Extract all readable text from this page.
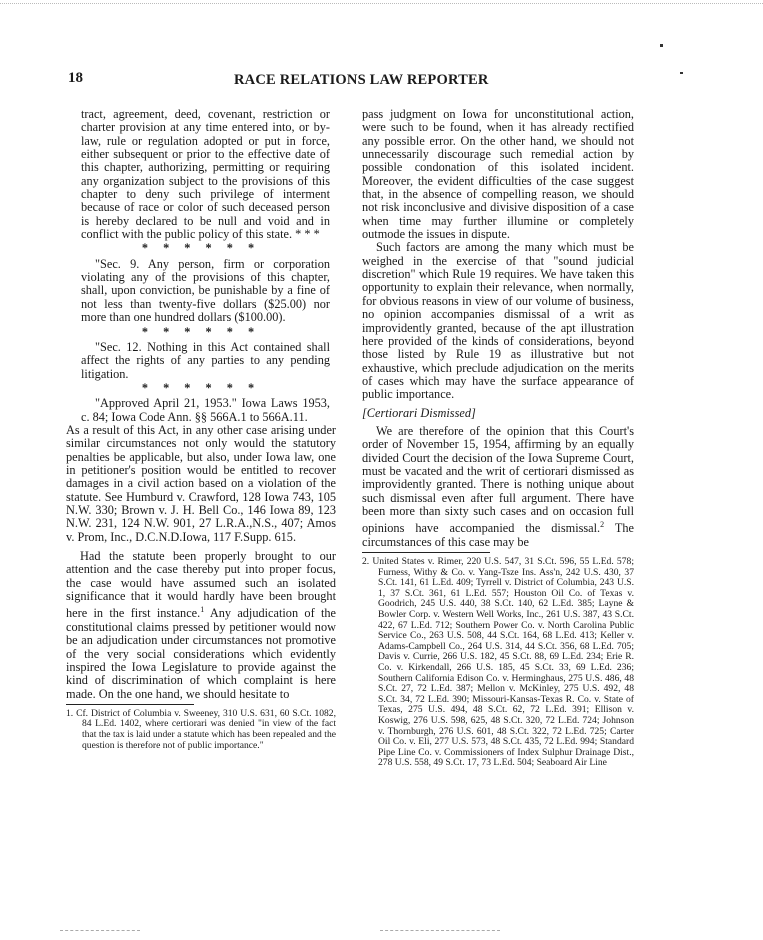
18	RACE RELATIONS LAW REPORTER

tract, agreement, deed, covenant, restriction or charter provision at any time entered into, or by-law, rule or regulation adopted or put in force, either subsequent or prior to the effective date of this chapter, authorizing, permitting or requiring any organization subject to the provisions of this chapter to deny such privilege of interment because of race or color of such deceased person is hereby declared to be null and void and in conflict with the public policy of this state. * * *

* * * * * *

"Sec. 9. Any person, firm or corporation violating any of the provisions of this chapter, shall, upon conviction, be punishable by a fine of not less than twenty-five dollars ($25.00) nor more than one hundred dollars ($100.00).

* * * * * *

"Sec. 12. Nothing in this Act contained shall affect the rights of any parties to any pending litigation.

* * * * * *

"Approved April 21, 1953." Iowa Laws 1953, c. 84; Iowa Code Ann. §§ 566A.1 to 566A.11.

As a result of this Act, in any other case arising under similar circumstances not only would the statutory penalties be applicable, but also, under Iowa law, one in petitioner's position would be entitled to recover damages in a civil action based on a violation of the statute. See Humburd v. Crawford, 128 Iowa 743, 105 N.W. 330; Brown v. J. H. Bell Co., 146 Iowa 89, 123 N.W. 231, 124 N.W. 901, 27 L.R.A.,N.S., 407; Amos v. Prom, Inc., D.C.N.D.Iowa, 117 F.Supp. 615.

Had the statute been properly brought to our attention and the case thereby put into proper focus, the case would have assumed such an isolated significance that it would hardly have been brought here in the first instance.$^1$ Any adjudication of the constitutional claims pressed by petitioner would now be an adjudication under circumstances not promotive of the very social considerations which evidently inspired the Iowa Legislature to provide against the kind of discrimination of which complaint is here made. On the one hand, we should hesitate to

1. Cf. District of Columbia v. Sweeney, 310 U.S. 631, 60 S.Ct. 1082, 84 L.Ed. 1402, where certiorari was denied "in view of the fact that the tax is laid under a statute which has been repealed and the question is therefore not of public importance."

pass judgment on Iowa for unconstitutional action, were such to be found, when it has already rectified any possible error. On the other hand, we should not unnecessarily discourage such remedial action by possible condonation of this isolated incident. Moreover, the evident difficulties of the case suggest that, in the absence of compelling reason, we should not risk inconclusive and divisive disposition of a case when time may further illumine or completely outmode the issues in dispute.

Such factors are among the many which must be weighed in the exercise of that "sound judicial discretion" which Rule 19 requires. We have taken this opportunity to explain their relevance, when normally, for obvious reasons in view of our volume of business, no opinion accompanies dismissal of a writ as improvidently granted, because of the apt illustration here provided of the kinds of considerations, beyond those listed by Rule 19 as illustrative but not exhaustive, which preclude adjudication on the merits of cases which may have the surface appearance of public importance.

[Certiorari Dismissed]

We are therefore of the opinion that this Court's order of November 15, 1954, affirming by an equally divided Court the decision of the Iowa Supreme Court, must be vacated and the writ of certiorari dismissed as improvidently granted. There is nothing unique about such dismissal even after full argument. There have been more than sixty such cases and on occasion full opinions have accompanied the dismissal.$^2$ The circumstances of this case may be

2. United States v. Rimer, 220 U.S. 547, 31 S.Ct. 596, 55 L.Ed. 578; Furness, Withy & Co. v. Yang-Tsze Ins. Ass'n, 242 U.S. 430, 37 S.Ct. 141, 61 L.Ed. 409; Tyrrell v. District of Columbia, 243 U.S. 1, 37 S.Ct. 361, 61 L.Ed. 557; Houston Oil Co. of Texas v. Goodrich, 245 U.S. 440, 38 S.Ct. 140, 62 L.Ed. 385; Layne & Bowler Corp. v. Western Well Works, Inc., 261 U.S. 387, 43 S.Ct. 422, 67 L.Ed. 712; Southern Power Co. v. North Carolina Public Service Co., 263 U.S. 508, 44 S.Ct. 164, 68 L.Ed. 413; Keller v. Adams-Campbell Co., 264 U.S. 314, 44 S.Ct. 356, 68 L.Ed. 705; Davis v. Currie, 266 U.S. 182, 45 S.Ct. 88, 69 L.Ed. 234; Erie R. Co. v. Kirkendall, 266 U.S. 185, 45 S.Ct. 33, 69 L.Ed. 236; Southern California Edison Co. v. Herminghaus, 275 U.S. 486, 48 S.Ct. 27, 72 L.Ed. 387; Mellon v. McKinley, 275 U.S. 492, 48 S.Ct. 34, 72 L.Ed. 390; Missouri-Kansas-Texas R. Co. v. State of Texas, 275 U.S. 494, 48 S.Ct. 62, 72 L.Ed. 391; Ellison v. Koswig, 276 U.S. 598, 625, 48 S.Ct. 320, 72 L.Ed. 724; Johnson v. Thornburgh, 276 U.S. 601, 48 S.Ct. 322, 72 L.Ed. 725; Carter Oil Co. v. Eli, 277 U.S. 573, 48 S.Ct. 435, 72 L.Ed. 994; Standard Pipe Line Co. v. Commissioners of Index Sulphur Drainage Dist., 278 U.S. 558, 49 S.Ct. 17, 73 L.Ed. 504; Seaboard Air Line
